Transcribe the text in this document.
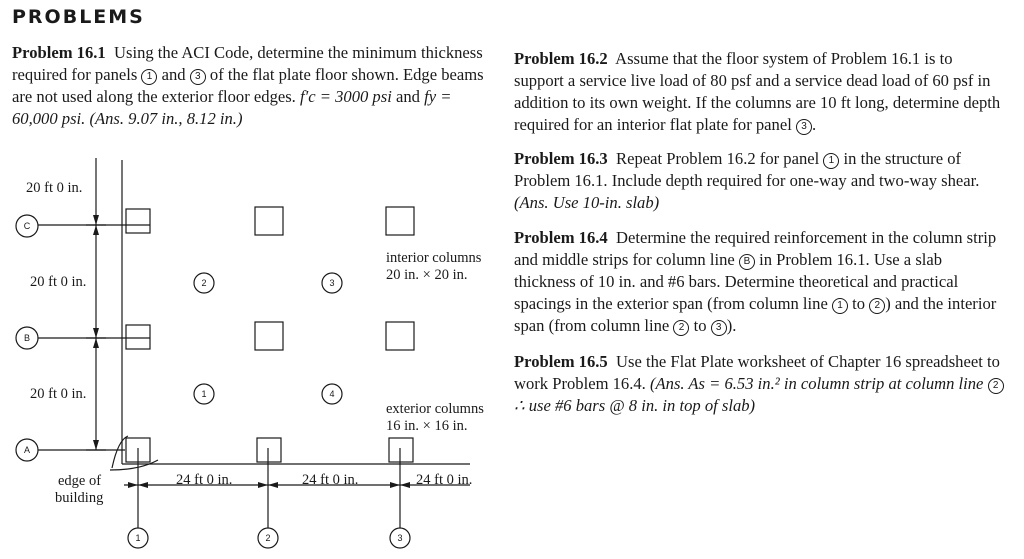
PROBLEMS
Problem 16.1 Using the ACI Code, determine the minimum thickness required for panels 1 and 3 of the flat plate floor shown. Edge beams are not used along the exterior floor edges. f′c = 3000 psi and fy = 60,000 psi. (Ans. 9.07 in., 8.12 in.)
Problem 16.2 Assume that the floor system of Problem 16.1 is to support a service live load of 80 psf and a service dead load of 60 psf in addition to its own weight. If the columns are 10 ft long, determine depth required for an interior flat plate for panel 3 .
Problem 16.3 Repeat Problem 16.2 for panel 1 in the structure of Problem 16.1. Include depth required for one-way and two-way shear. (Ans. Use 10-in. slab)
Problem 16.4 Determine the required reinforcement in the column strip and middle strips for column line B in Problem 16.1. Use a slab thickness of 10 in. and #6 bars. Determine theoretical and practical spacings in the exterior span (from column line 1 to 2 ) and the interior span (from column line 2 to 3 ).
Problem 16.5 Use the Flat Plate worksheet of Chapter 16 spreadsheet to work Problem 16.4. (Ans. As = 6.53 in.² in column strip at column line 2 ∴ use #6 bars @ 8 in. in top of slab)
20 ft 0 in.
20 ft 0 in.
20 ft 0 in.
C
B
A
1	2	3
2	3
1	4
interior columns
20 in. × 20 in.
exterior columns
16 in. × 16 in.
edge of
building
24 ft 0 in.	24 ft 0 in.	24 ft 0 in.
